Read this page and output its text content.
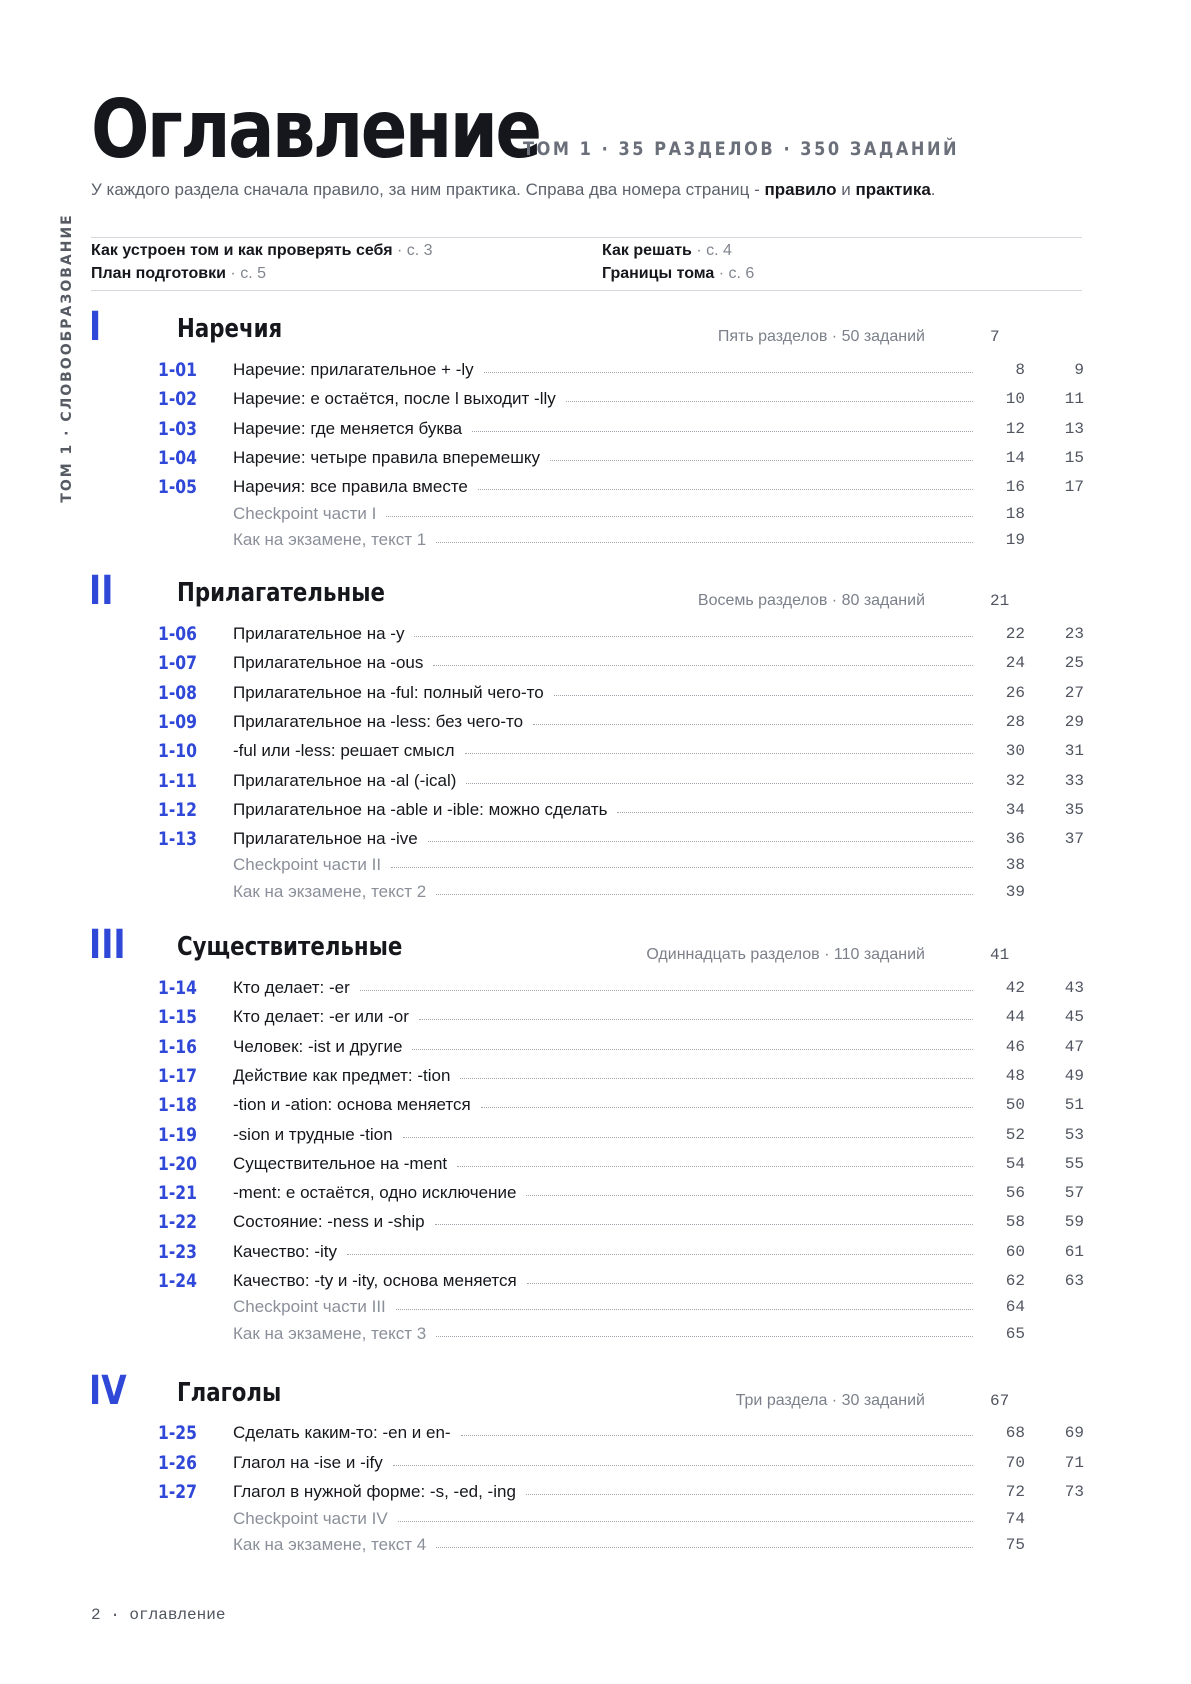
Оглавление
ТОМ 1 · 35 РАЗДЕЛОВ · 350 ЗАДАНИЙ
У каждого раздела сначала правило, за ним практика. Справа два номера страниц - правило и практика.
ТОМ 1 · СЛОВООБРАЗОВАНИЕ Как устроен том и как проверять себя · с. 3	Как решать · с. 4
План подготовки · с. 5	Границы тома · с. 6
I	Наречия	Пять разделов · 50 заданий	7
1-01 Наречие: прилагательное + -ly	8	9
1-02 Наречие: e остаётся, после l выходит -lly	10	11
1-03 Наречие: где меняется буква	12	13
1-04 Наречие: четыре правила вперемешку	14	15
1-05 Наречия: все правила вместе	16	17
Checkpoint части I	18
Как на экзамене, текст 1	19
II Прилагательные	Восемь разделов · 80 заданий	21
1-06 Прилагательное на -y	22	23
1-07 Прилагательное на -ous	24	25
1-08 Прилагательное на -ful: полный чего-то	26	27
1-09 Прилагательное на -less: без чего-то	28	29
1-10 -ful или -less: решает смысл	30	31
1-11 Прилагательное на -al (-ical)	32	33
1-12 Прилагательное на -able и -ible: можно сделать	34	35
1-13 Прилагательное на -ive	36	37
Checkpoint части II	38
Как на экзамене, текст 2	39
III Существительные	Одиннадцать разделов · 110 заданий	41
1-14 Кто делает: -er	42	43
1-15 Кто делает: -er или -or	44	45
1-16 Человек: -ist и другие	46	47
1-17 Действие как предмет: -tion	48	49
1-18 -tion и -ation: основа меняется	50	51
1-19 -sion и трудные -tion	52	53
1-20 Существительное на -ment	54	55
1-21 -ment: e остаётся, одно исключение	56	57
1-22 Состояние: -ness и -ship	58	59
1-23 Качество: -ity	60	61
1-24 Качество: -ty и -ity, основа меняется	62	63
Checkpoint части III	64
Как на экзамене, текст 3	65
IV Глаголы	Три раздела · 30 заданий	67
1-25 Сделать каким-то: -en и en-	68	69
1-26 Глагол на -ise и -ify	70	71
1-27 Глагол в нужной форме: -s, -ed, -ing	72	73
Checkpoint части IV	74
Как на экзамене, текст 4	75
2 · оглавление
